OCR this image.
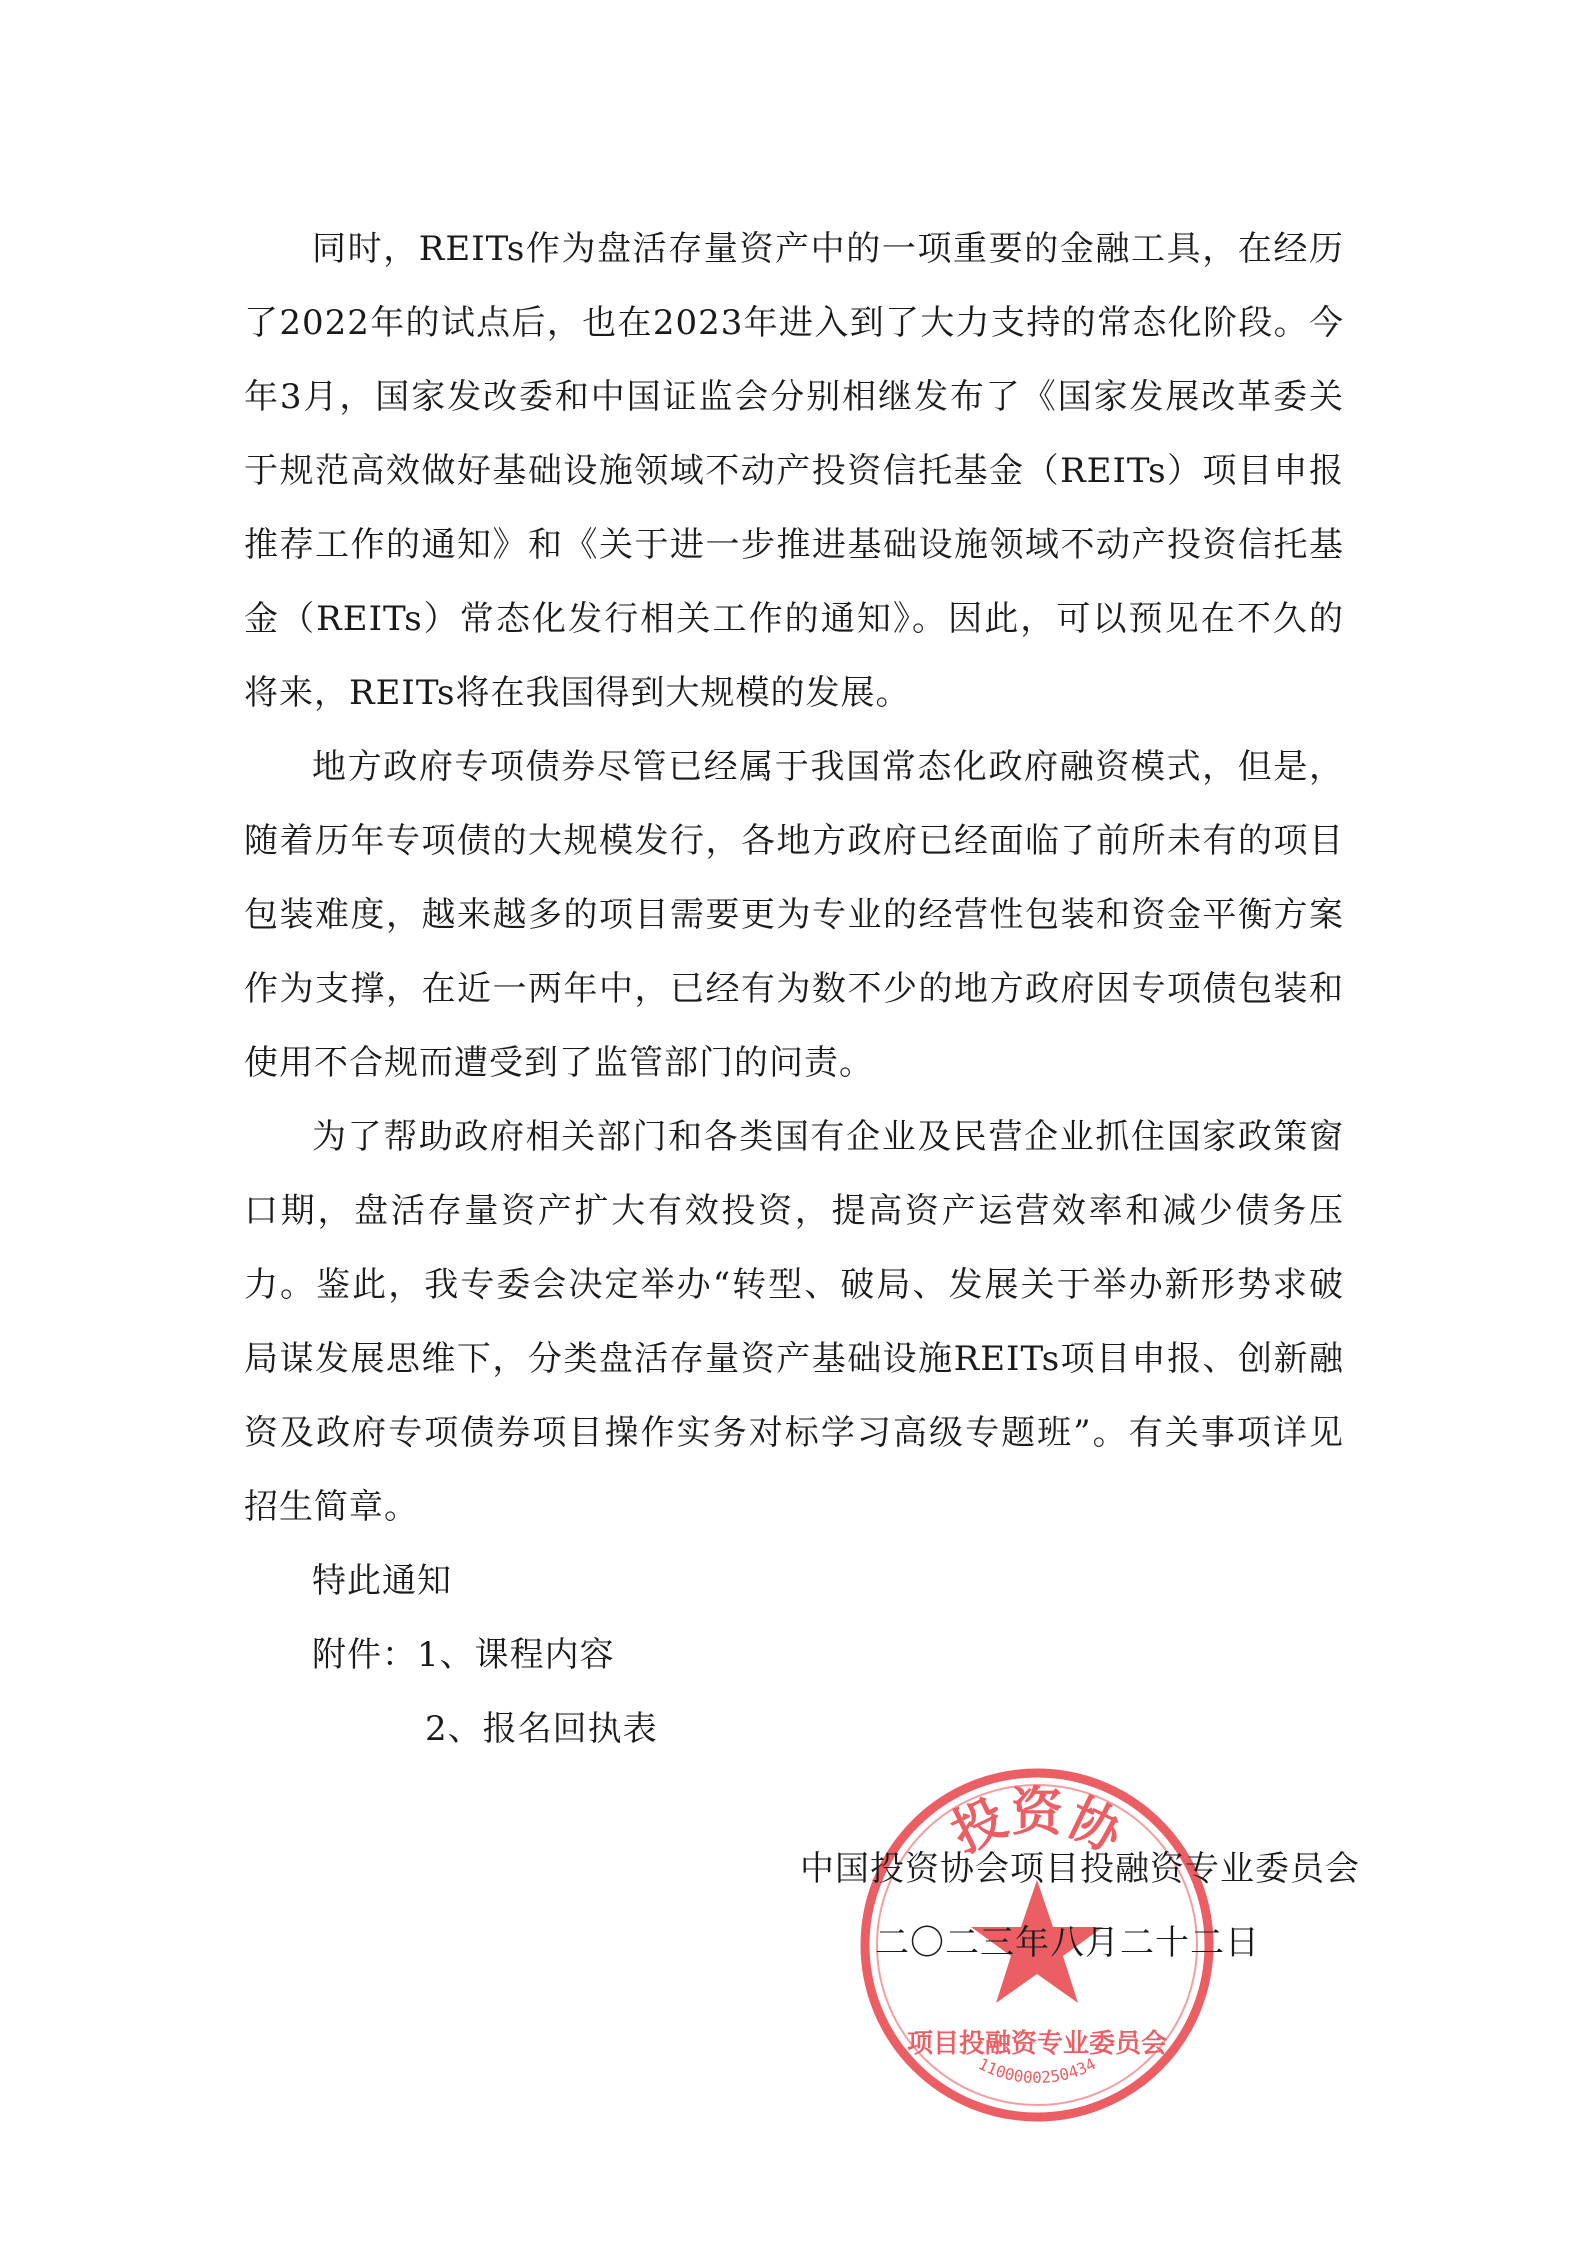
同时，REITs作为盘活存量资产中的一项重要的金融工具，在经历了2022年的试点后，也在2023年进入到了大力支持的常态化阶段。今年3月，国家发改委和中国证监会分别相继发布了《国家发展改革委关于规范高效做好基础设施领域不动产投资信托基金（REITs）项目申报推荐工作的通知》和《关于进一步推进基础设施领域不动产投资信托基金（REITs）常态化发行相关工作的通知》。因此，可以预见在不久的将来，REITs将在我国得到大规模的发展。

地方政府专项债券尽管已经属于我国常态化政府融资模式，但是，随着历年专项债的大规模发行，各地方政府已经面临了前所未有的项目包装难度，越来越多的项目需要更为专业的经营性包装和资金平衡方案作为支撑，在近一两年中，已经有为数不少的地方政府因专项债包装和使用不合规而遭受到了监管部门的问责。

为了帮助政府相关部门和各类国有企业及民营企业抓住国家政策窗口期，盘活存量资产扩大有效投资，提高资产运营效率和减少债务压力。鉴此，我专委会决定举办“转型、破局、发展关于举办新形势求破局谋发展思维下，分类盘活存量资产基础设施REITs项目申报、创新融资及政府专项债券项目操作实务对标学习高级专题班”。有关事项详见招生简章。

特此通知

附件：1、课程内容

2、报名回执表

投资协
项目投融资专业委员会
1100000250434

中国投资协会项目投融资专业委员会

二〇二三年八月二十二日
